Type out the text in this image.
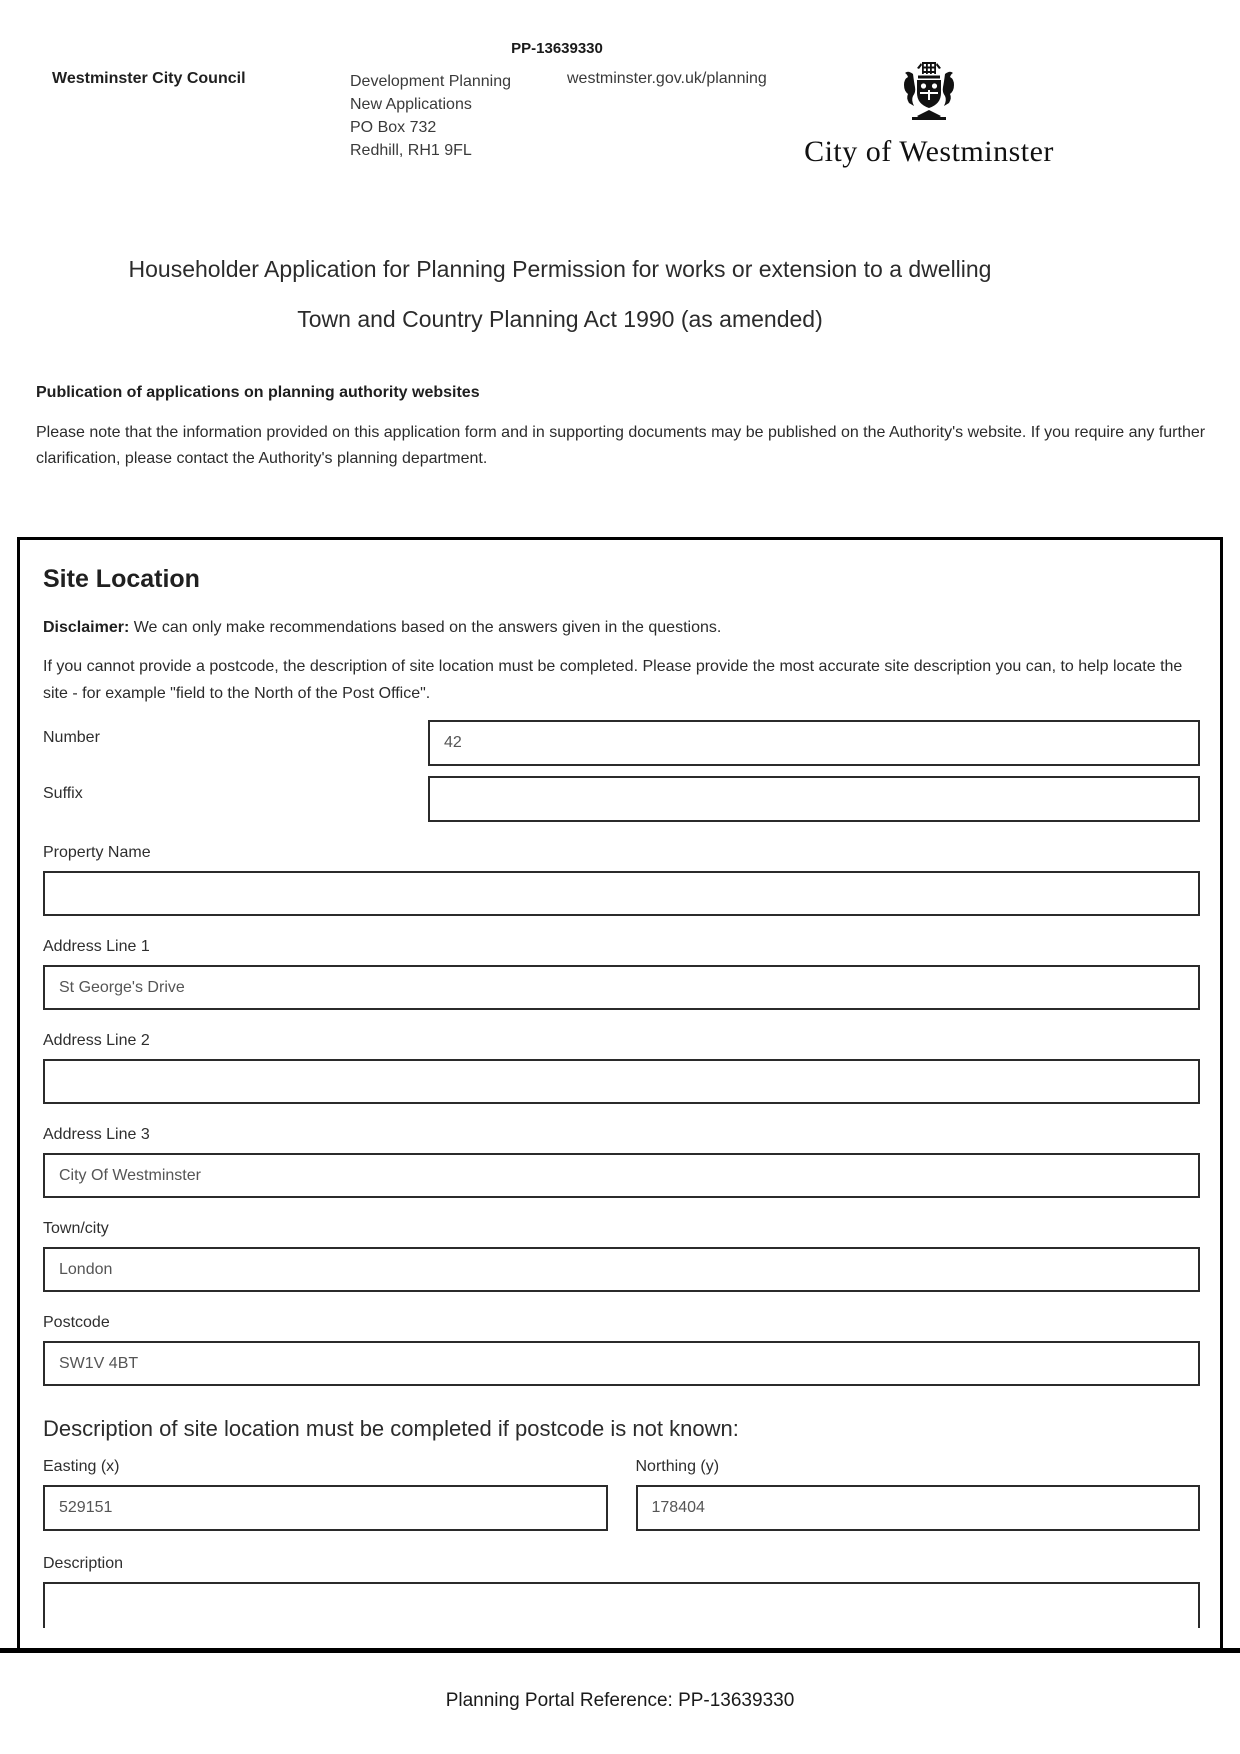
PP-13639330
Westminster City Council	Development Planning
New Applications
PO Box 732
Redhill, RH1 9FL
westminster.gov.uk/planning
City of Westminster
Householder Application for Planning Permission for works or extension to a dwelling
Town and Country Planning Act 1990 (as amended)
Publication of applications on planning authority websites
Please note that the information provided on this application form and in supporting documents may be published on the Authority's website. If you require any further clarification, please contact the Authority's planning department.
Site Location
Disclaimer: We can only make recommendations based on the answers given in the questions.
If you cannot provide a postcode, the description of site location must be completed. Please provide the most accurate site description you can, to help locate the site - for example "field to the North of the Post Office".
Number
42
Suffix
Property Name
Address Line 1
St George's Drive
Address Line 2
Address Line 3
City Of Westminster
Town/city
London
Postcode
SW1V 4BT
Description of site location must be completed if postcode is not known:
Easting (x)
529151	Northing (y)
178404
Description
Planning Portal Reference: PP-13639330
